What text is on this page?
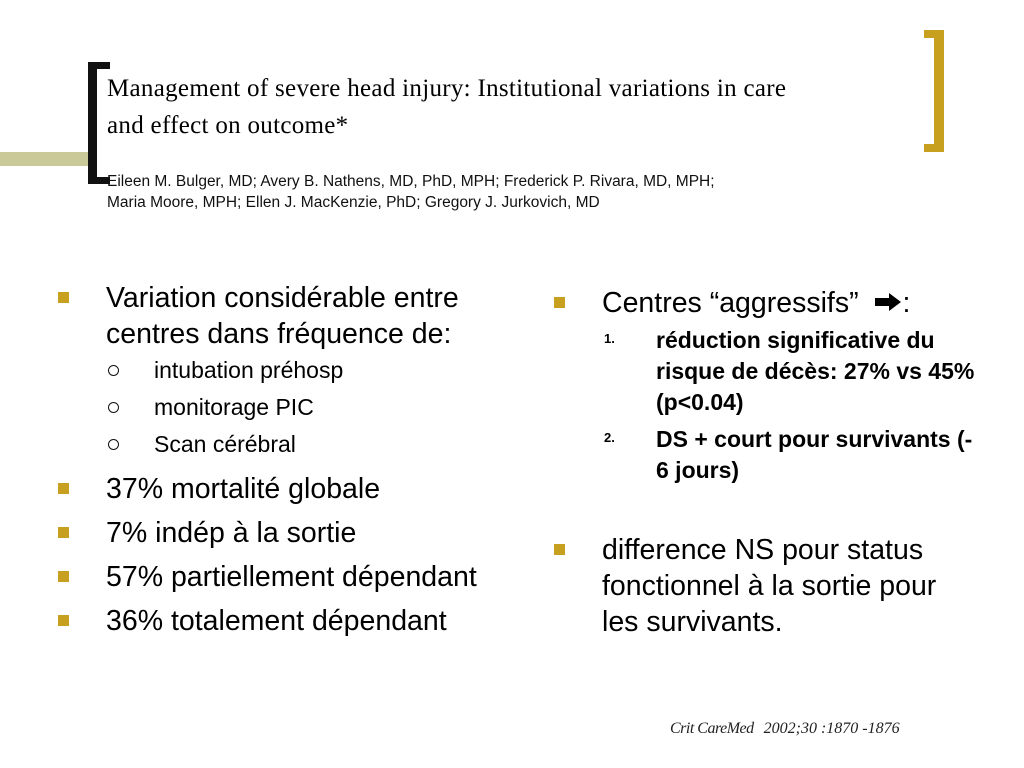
Management of severe head injury: Institutional variations in care
and effect on outcome*
Eileen M. Bulger, MD; Avery B. Nathens, MD, PhD, MPH; Frederick P. Rivara, MD, MPH;
Maria Moore, MPH; Ellen J. MacKenzie, PhD; Gregory J. Jurkovich, MD
Variation considérable entre centres dans fréquence de:
intubation préhosp
monitorage PIC
Scan cérébral
37% mortalité globale
7% indép à la sortie
57% partiellement dépendant
36% totalement dépendant
Centres “aggressifs” :
1. réduction significative du risque de décès: 27% vs 45% (p<0.04)
2. DS + court pour survivants (- 6 jours)
difference NS pour status fonctionnel à la sortie pour les survivants.
Crit CareMed 2002;30 :1870 -1876
